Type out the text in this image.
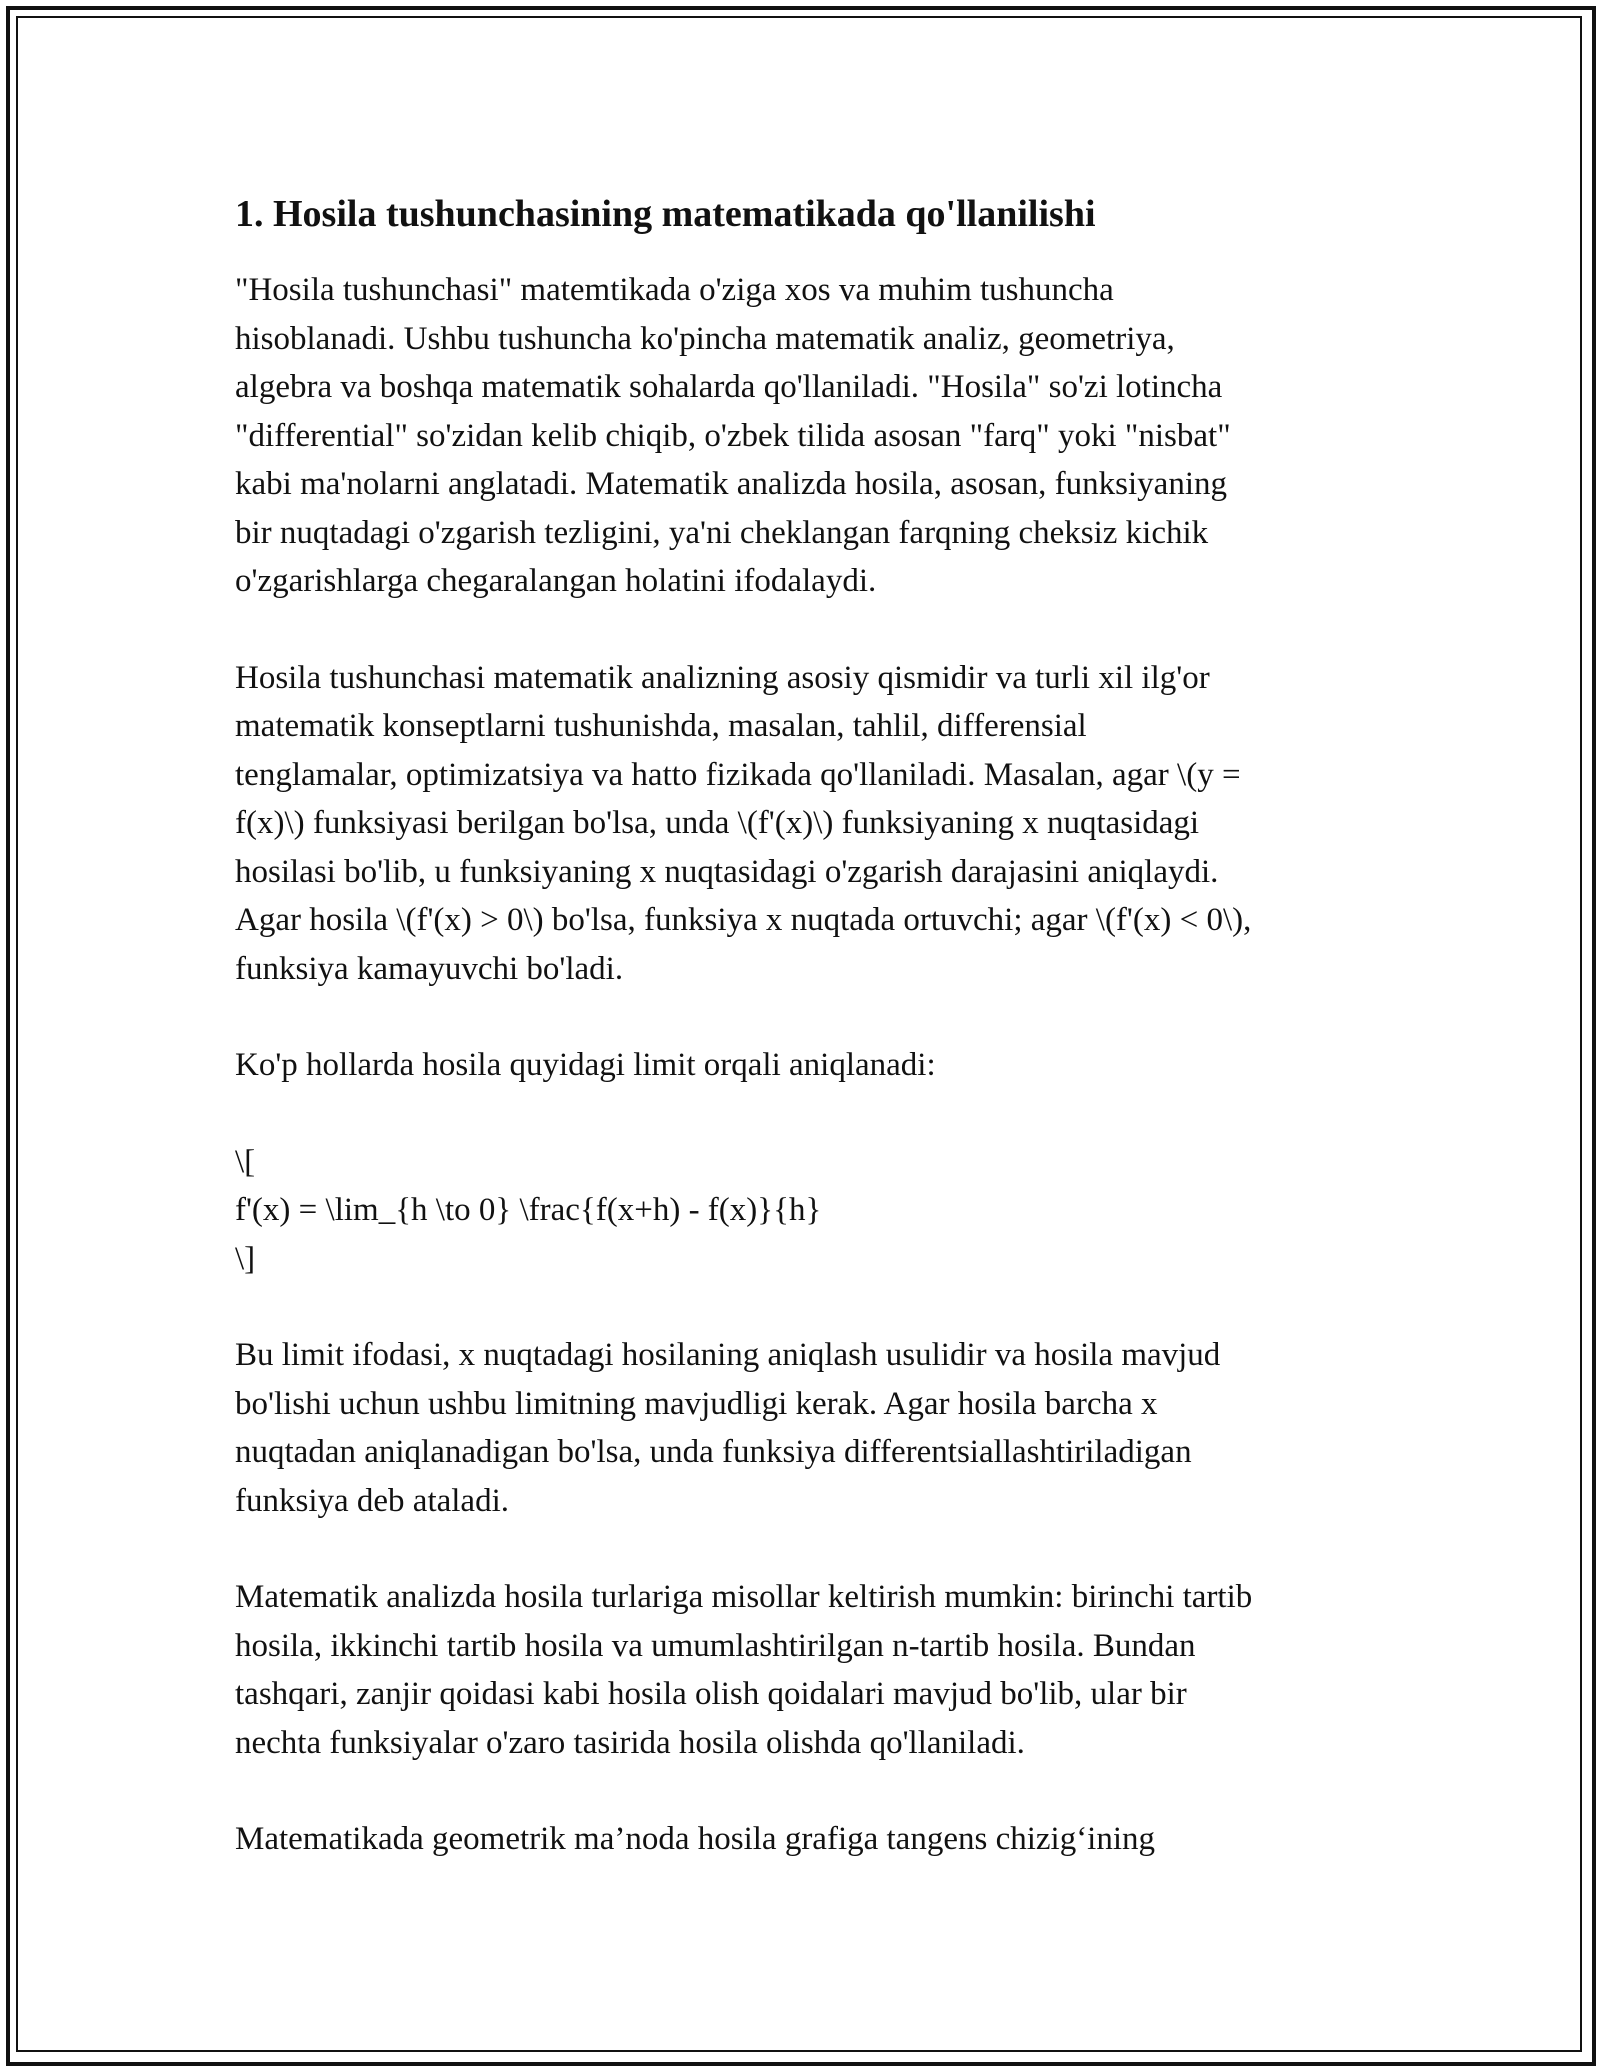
1. Hosila tushunchasining matematikada qo'llanilishi

"Hosila tushunchasi" matemtikada o'ziga xos va muhim tushuncha
hisoblanadi. Ushbu tushuncha ko'pincha matematik analiz, geometriya,
algebra va boshqa matematik sohalarda qo'llaniladi. "Hosila" so'zi lotincha
"differential" so'zidan kelib chiqib, o'zbek tilida asosan "farq" yoki "nisbat"
kabi ma'nolarni anglatadi. Matematik analizda hosila, asosan, funksiyaning
bir nuqtadagi o'zgarish tezligini, ya'ni cheklangan farqning cheksiz kichik
o'zgarishlarga chegaralangan holatini ifodalaydi.

Hosila tushunchasi matematik analizning asosiy qismidir va turli xil ilg'or
matematik konseptlarni tushunishda, masalan, tahlil, differensial
tenglamalar, optimizatsiya va hatto fizikada qo'llaniladi. Masalan, agar \(y =
f(x)\) funksiyasi berilgan bo'lsa, unda \(f'(x)\) funksiyaning x nuqtasidagi
hosilasi bo'lib, u funksiyaning x nuqtasidagi o'zgarish darajasini aniqlaydi.
Agar hosila \(f'(x) > 0\) bo'lsa, funksiya x nuqtada ortuvchi; agar \(f'(x) < 0\),
funksiya kamayuvchi bo'ladi.

Ko'p hollarda hosila quyidagi limit orqali aniqlanadi:

\[
f'(x) = \lim_{h \to 0} \frac{f(x+h) - f(x)}{h}
\]

Bu limit ifodasi, x nuqtadagi hosilaning aniqlash usulidir va hosila mavjud
bo'lishi uchun ushbu limitning mavjudligi kerak. Agar hosila barcha x
nuqtadan aniqlanadigan bo'lsa, unda funksiya differentsiallashtiriladigan
funksiya deb ataladi.

Matematik analizda hosila turlariga misollar keltirish mumkin: birinchi tartib
hosila, ikkinchi tartib hosila va umumlashtirilgan n-tartib hosila. Bundan
tashqari, zanjir qoidasi kabi hosila olish qoidalari mavjud bo'lib, ular bir
nechta funksiyalar o'zaro tasirida hosila olishda qo'llaniladi.

Matematikada geometrik ma’noda hosila grafiga tangens chizig‘ining
